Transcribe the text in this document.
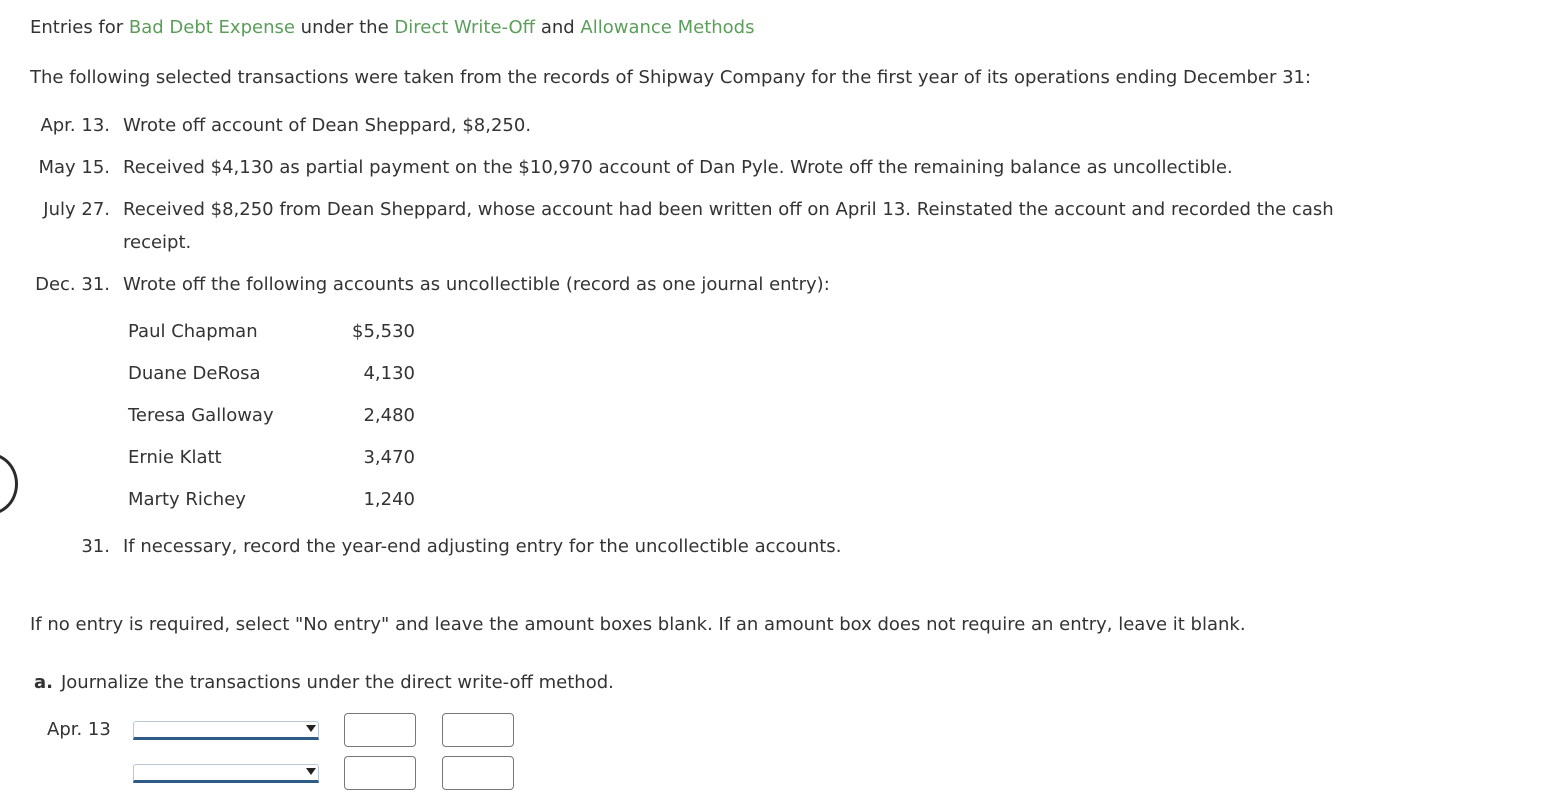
Entries for Bad Debt Expense under the Direct Write-Off and Allowance Methods
The following selected transactions were taken from the records of Shipway Company for the first year of its operations ending December 31:
Apr. 13. Wrote off account of Dean Sheppard, $8,250.
May 15. Received $4,130 as partial payment on the $10,970 account of Dan Pyle. Wrote off the remaining balance as uncollectible.
July 27. Received $8,250 from Dean Sheppard, whose account had been written off on April 13. Reinstated the account and recorded the cash
receipt.
Dec. 31. Wrote off the following accounts as uncollectible (record as one journal entry):
Paul Chapman	$5,530
Duane DeRosa	4,130
Teresa Galloway	2,480
Ernie Klatt	3,470
Marty Richey	1,240
31. If necessary, record the year-end adjusting entry for the uncollectible accounts.
If no entry is required, select "No entry" and leave the amount boxes blank. If an amount box does not require an entry, leave it blank.
a. Journalize the transactions under the direct write-off method.
Apr. 13
